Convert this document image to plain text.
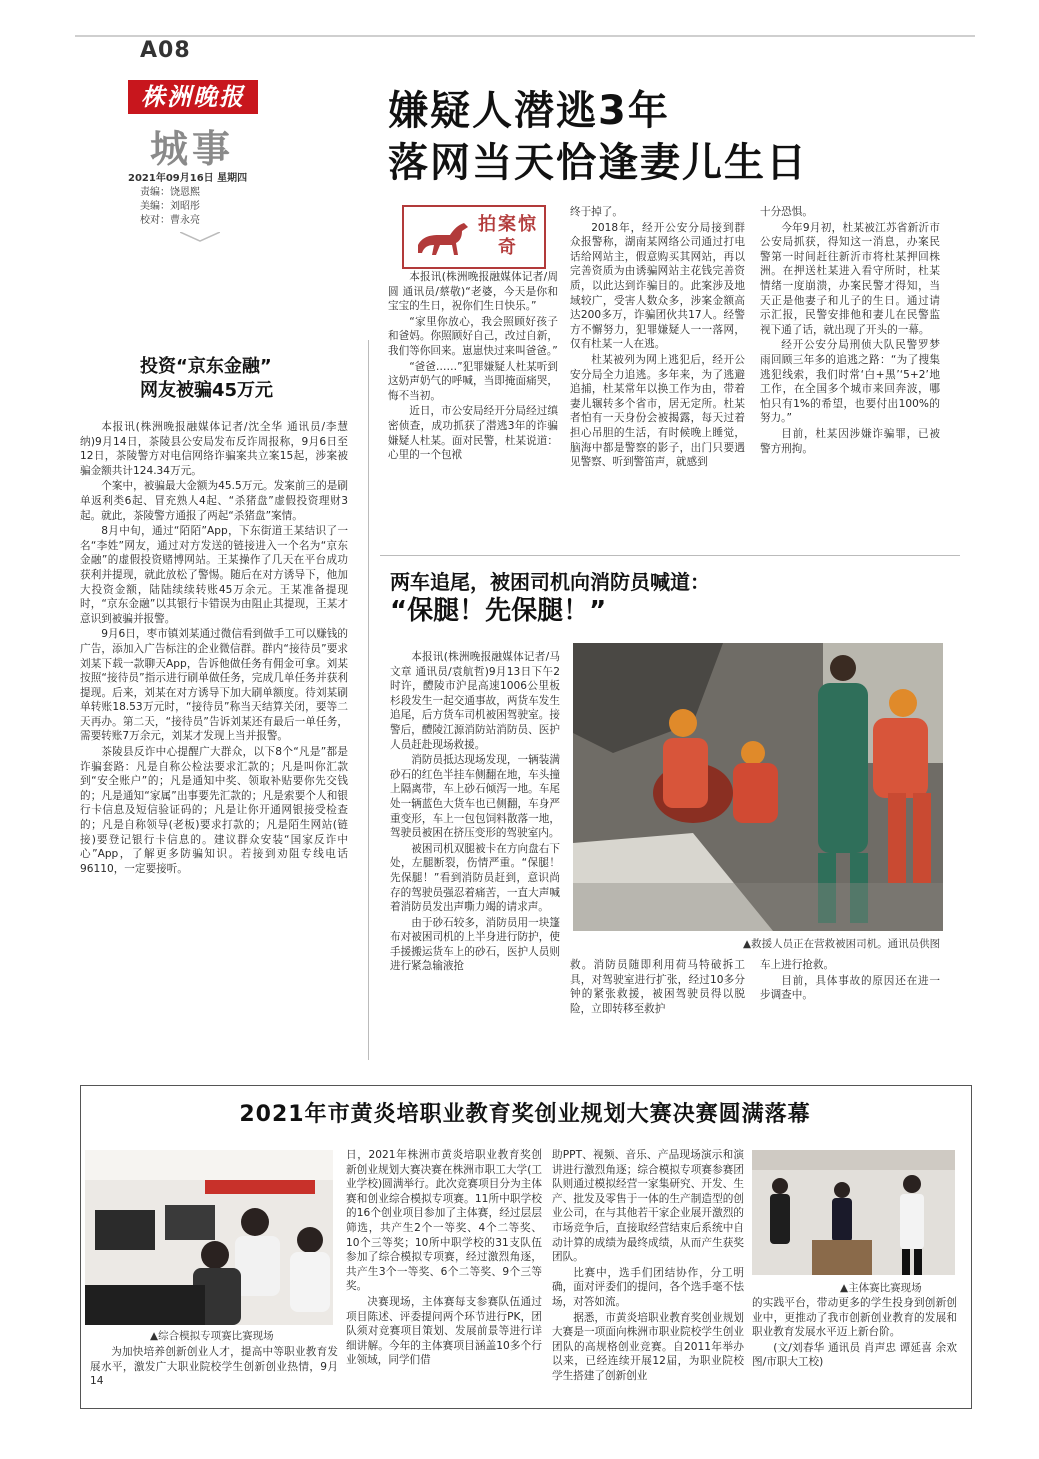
A08
株洲晚报
城事
2021年09月16日 星期四
责编：饶恩熙
美编：刘昭彤
校对：曹永亮
嫌疑人潜逃3年
落网当天恰逢妻儿生日
拍案惊奇

本报讯(株洲晚报融媒体记者/周圆 通讯员/蔡敬)“老婆，今天是你和宝宝的生日，祝你们生日快乐。”

“家里你放心，我会照顾好孩子和爸妈。你照顾好自己，改过自新，我们等你回来。崽崽快过来叫爸爸。”

“爸爸……”犯罪嫌疑人杜某听到这奶声奶气的呼喊，当即掩面痛哭，悔不当初。

近日，市公安局经开分局经过缜密侦查，成功抓获了潜逃3年的诈骗嫌疑人杜某。面对民警，杜某说道：心里的一个包袱

终于掉了。

2018年，经开公安分局接到群众报警称，湖南某网络公司通过打电话给网站主，假意购买其网站，再以完善资质为由诱骗网站主花钱完善资质，以此达到诈骗目的。此案涉及地域较广，受害人数众多，涉案金额高达200多万，诈骗团伙共17人。经警方不懈努力，犯罪嫌疑人一一落网，仅有杜某一人在逃。

杜某被列为网上逃犯后，经开公安分局全力追逃。多年来，为了逃避追捕，杜某常年以换工作为由，带着妻儿辗转多个省市，居无定所。杜某者怕有一天身份会被揭露，每天过着担心吊胆的生活，有时候晚上睡觉，脑海中都是警察的影子，出门只要遇见警察、听到警笛声，就感到

十分恐惧。

今年9月初，杜某被江苏省新沂市公安局抓获，得知这一消息，办案民警第一时间赶往新沂市将杜某押回株洲。在押送杜某进入看守所时，杜某情绪一度崩溃，办案民警才得知，当天正是他妻子和儿子的生日。通过请示汇报，民警安排他和妻儿在民警监视下通了话，就出现了开头的一幕。

经开公安分局刑侦大队民警罗梦雨回顾三年多的追逃之路：“为了搜集逃犯线索，我们时常‘白+黑’‘5+2’地工作，在全国多个城市来回奔波，哪怕只有1%的希望，也要付出100%的努力。”

目前，杜某因涉嫌诈骗罪，已被警方刑拘。

投资“京东金融”
网友被骗45万元

本报讯(株洲晚报融媒体记者/沈全华 通讯员/李慧纳)9月14日，茶陵县公安局发布反诈周报称，9月6日至12日，茶陵警方对电信网络诈骗案共立案15起，涉案被骗金额共计124.34万元。

个案中，被骗最大金额为45.5万元。发案前三的是刷单返利类6起、冒充熟人4起、“杀猪盘”虚假投资理财3起。就此，茶陵警方通报了两起“杀猪盘”案情。

8月中旬，通过“陌陌”App，下东街道王某结识了一名“李姓”网友，通过对方发送的链接进入一个名为“京东金融”的虚假投资赌博网站。王某操作了几天在平台成功获利并提现，就此放松了警惕。随后在对方诱导下，他加大投资金额，陆陆续续转账45万余元。王某准备提现时，“京东金融”以其银行卡错误为由阻止其提现，王某才意识到被骗并报警。

9月6日，枣市镇刘某通过微信看到做手工可以赚钱的广告，添加入广告标注的企业微信群。群内“接待员”要求刘某下载一款聊天App，告诉他做任务有佣金可拿。刘某按照“接待员”指示进行刷单做任务，完成几单任务并获利提现。后来，刘某在对方诱导下加大刷单额度。待刘某刷单转账18.53万元时，“接待员”称当天结算关闭，要等二天再办。第二天，“接待员”告诉刘某还有最后一单任务，需要转账7万余元，刘某才发现上当并报警。

茶陵县反诈中心提醒广大群众，以下8个“凡是”都是诈骗套路：凡是自称公检法要求汇款的；凡是叫你汇款到“安全账户”的；凡是通知中奖、领取补贴要你先交钱的；凡是通知“家属”出事要先汇款的；凡是索要个人和银行卡信息及短信验证码的；凡是让你开通网银接受检查的；凡是自称领导(老板)要求打款的；凡是陌生网站(链接)要登记银行卡信息的。建议群众安装“国家反诈中心”App，了解更多防骗知识。若接到劝阻专线电话96110，一定要接听。

两车追尾，被困司机向消防员喊道：
“保腿！先保腿！”

本报讯(株洲晚报融媒体记者/马文章 通讯员/袁航哲)9月13日下午2时许，醴陵市沪昆高速1006公里板杉段发生一起交通事故，两货车发生追尾，后方货车司机被困驾驶室。接警后，醴陵江源消防站消防员、医护人员赶赴现场救援。

消防员抵达现场发现，一辆装满砂石的红色半挂车侧翻在地，车头撞上隔离带，车上砂石倾泻一地。车尾处一辆蓝色大货车也已侧翻，车身严重变形，车上一包包饲料散落一地，驾驶员被困在挤压变形的驾驶室内。

被困司机双腿被卡在方向盘右下处，左腿断裂，伤情严重。“保腿！先保腿！”看到消防员赶到，意识尚存的驾驶员强忍着痛苦，一直大声喊着消防员发出声嘶力竭的请求声。

由于砂石较多，消防员用一块篷布对被困司机的上半身进行防护，使手援搬运货车上的砂石，医护人员则进行紧急输液抢

▲救援人员正在营救被困司机。通讯员供图

救。消防员随即利用荷马特破拆工具，对驾驶室进行扩张，经过10多分钟的紧张救援，被困驾驶员得以脱险，立即转移至救护

车上进行抢救。

目前，具体事故的原因还在进一步调查中。

2021年市黄炎培职业教育奖创业规划大赛决赛圆满落幕
▲综合模拟专项赛比赛现场

为加快培养创新创业人才，提高中等职业教育发展水平，激发广大职业院校学生创新创业热情，9月14

日，2021年株洲市黄炎培职业教育奖创新创业规划大赛决赛在株洲市职工大学(工业学校)圆满举行。此次竞赛项目分为主体赛和创业综合模拟专项赛。11所中职学校的16个创业项目参加了主体赛，经过层层筛选，共产生2个一等奖、4个二等奖、10个三等奖；10所中职学校的31支队伍参加了综合模拟专项赛，经过激烈角逐，共产生3个一等奖、6个二等奖、9个三等奖。

决赛现场，主体赛每支参赛队伍通过项目陈述、评委提问两个环节进行PK，团队须对竞赛项目策划、发展前景等进行详细讲解。今年的主体赛项目涵盖10多个行业领域，同学们借

助PPT、视频、音乐、产品现场演示和演讲进行激烈角逐；综合模拟专项赛参赛团队则通过模拟经营一家集研究、开发、生产、批发及零售于一体的生产制造型的创业公司，在与其他若干家企业展开激烈的市场竞争后，直接取经营结束后系统中自动计算的成绩为最终成绩，从而产生获奖团队。

比赛中，选手们团结协作，分工明确，面对评委们的提问，各个选手毫不怯场，对答如流。

据悉，市黄炎培职业教育奖创业规划大赛是一项面向株洲市职业院校学生创业团队的高规格创业竞赛。自2011年举办以来，已经连续开展12届，为职业院校学生搭建了创新创业

▲主体赛比赛现场

的实践平台，带动更多的学生投身到创新创业中，更推动了我市创新创业教育的发展和职业教育发展水平迈上新台阶。

(文/刘春华 通讯员 肖声忠 谭延喜 余欢 图/市职大工校)
